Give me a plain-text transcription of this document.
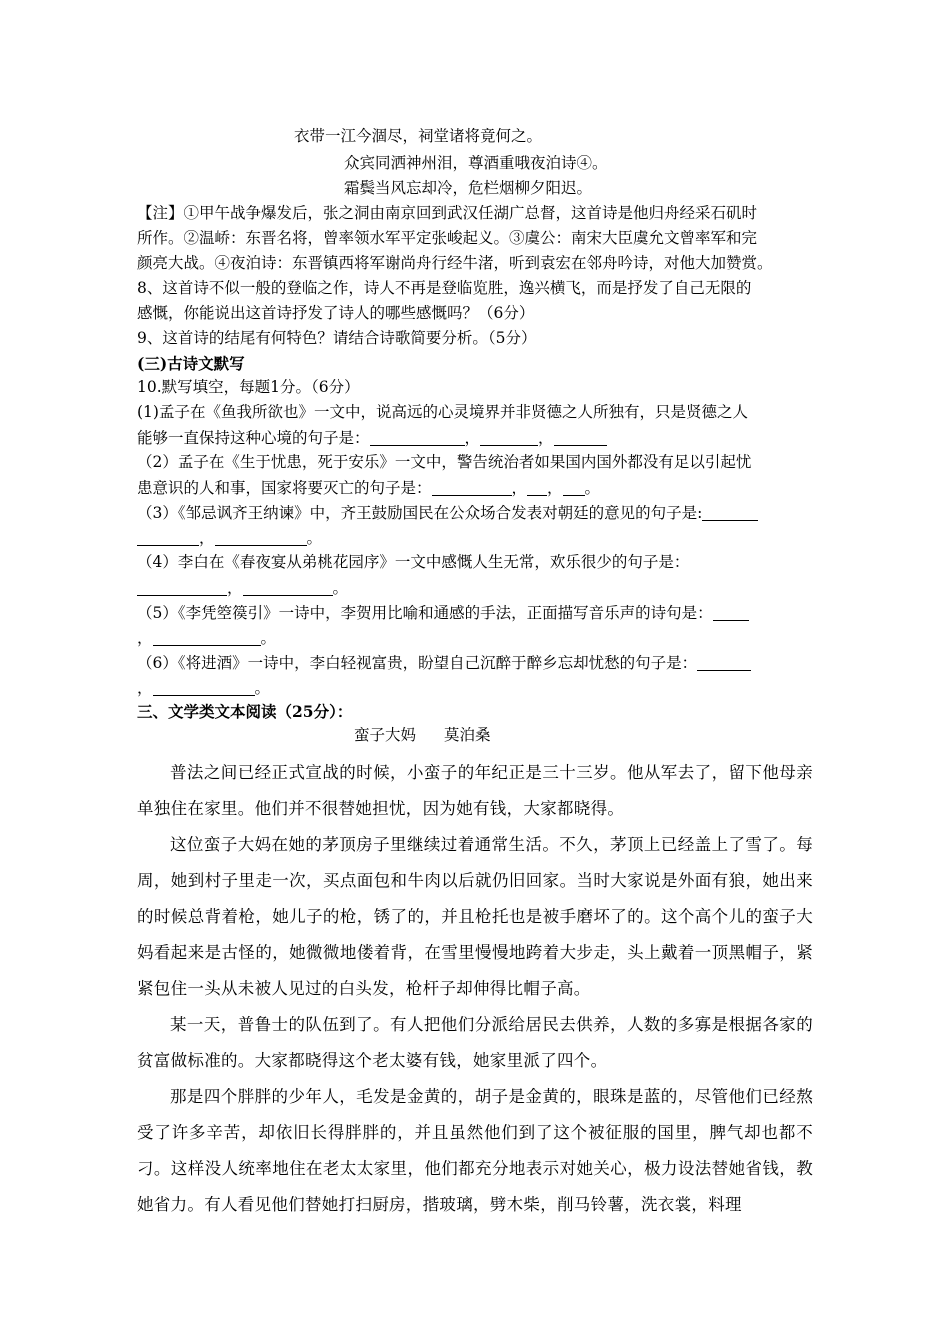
衣带一江今涸尽，祠堂诸将竟何之。
众宾同洒神州泪，尊酒重哦夜泊诗④。
霜鬓当风忘却冷，危栏烟柳夕阳迟。
【注】①甲午战争爆发后，张之洞由南京回到武汉任湖广总督，这首诗是他归舟经采石矶时
所作。②温峤：东晋名将，曾率领水军平定张峻起义。③虞公：南宋大臣虞允文曾率军和完
颜亮大战。④夜泊诗：东晋镇西将军谢尚舟行经牛渚，听到袁宏在邻舟吟诗，对他大加赞赏。
8、这首诗不似一般的登临之作，诗人不再是登临览胜，逸兴横飞，而是抒发了自己无限的
感慨，你能说出这首诗抒发了诗人的哪些感慨吗？（6分）
9、这首诗的结尾有何特色？请结合诗歌简要分析。（5分）
(三)古诗文默写
10.默写填空，每题1分。（6分）
(1)孟子在《鱼我所欲也》一文中，说高远的心灵境界并非贤德之人所独有，只是贤德之人
能够一直保持这种心境的句子是：	，	，
（2）孟子在《生于忧患，死于安乐》一文中，警告统治者如果国内国外都没有足以引起忧
患意识的人和事，国家将要灭亡的句子是：	， ， 。
（3）《邹忌讽齐王纳谏》中，齐王鼓励国民在公众场合发表对朝廷的意见的句子是:
，	。
（4）李白在《春夜宴从弟桃花园序》一文中感慨人生无常，欢乐很少的句子是：
，	。
（5）《李凭箜篌引》一诗中，李贺用比喻和通感的手法，正面描写音乐声的诗句是：
，	。
（6）《将进酒》一诗中，李白轻视富贵，盼望自己沉醉于醉乡忘却忧愁的句子是：
，	。
三、文学类文本阅读（25分）：
蛮子大妈 莫泊桑
普法之间已经正式宣战的时候，小蛮子的年纪正是三十三岁。他从军去了，留下他母亲单独住在家里。他们并不很替她担忧，因为她有钱，大家都晓得。
这位蛮子大妈在她的茅顶房子里继续过着通常生活。不久，茅顶上已经盖上了雪了。每周，她到村子里走一次，买点面包和牛肉以后就仍旧回家。当时大家说是外面有狼，她出来的时候总背着枪，她儿子的枪，锈了的，并且枪托也是被手磨坏了的。这个高个儿的蛮子大妈看起来是古怪的，她微微地偻着背，在雪里慢慢地跨着大步走，头上戴着一顶黑帽子，紧紧包住一头从未被人见过的白头发，枪杆子却伸得比帽子高。
某一天，普鲁士的队伍到了。有人把他们分派给居民去供养，人数的多寡是根据各家的贫富做标准的。大家都晓得这个老太婆有钱，她家里派了四个。
那是四个胖胖的少年人，毛发是金黄的，胡子是金黄的，眼珠是蓝的，尽管他们已经熬受了许多辛苦，却依旧长得胖胖的，并且虽然他们到了这个被征服的国里，脾气却也都不刁。这样没人统率地住在老太太家里，他们都充分地表示对她关心，极力设法替她省钱，教她省力。有人看见他们替她打扫厨房，揩玻璃，劈木柴，削马铃薯，洗衣裳，料理
